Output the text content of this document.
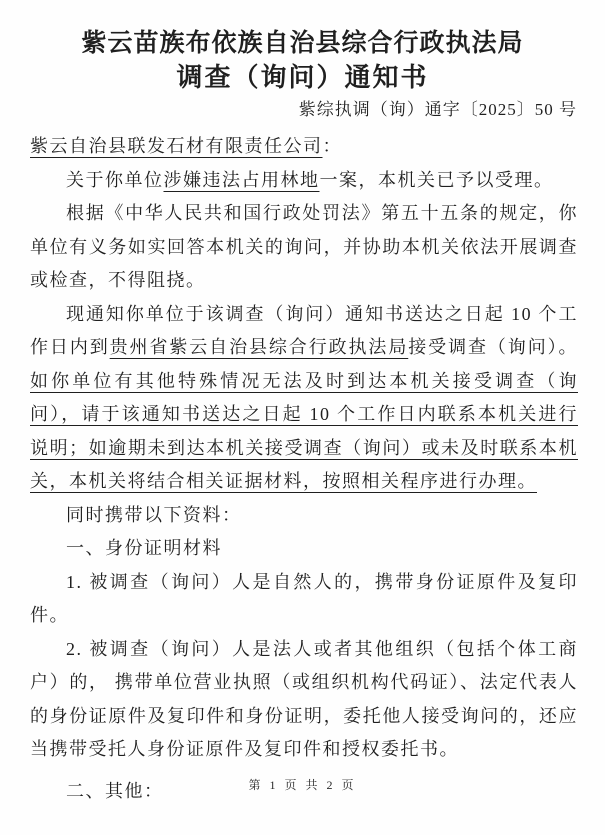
紫云苗族布依族自治县综合行政执法局
调查（询问）通知书
紫综执调（询）通字〔2025〕50 号

紫云自治县联发石材有限责任公司：

关于你单位涉嫌违法占用林地一案，本机关已予以受理。

根据《中华人民共和国行政处罚法》第五十五条的规定，你单位有义务如实回答本机关的询问，并协助本机关依法开展调查或检查，不得阻挠。

现通知你单位于该调查（询问）通知书送达之日起 10 个工作日内到贵州省紫云自治县综合行政执法局接受调查（询问）。如你单位有其他特殊情况无法及时到达本机关接受调查（询问），请于该通知书送达之日起 10 个工作日内联系本机关进行说明；如逾期未到达本机关接受调查（询问）或未及时联系本机关，本机关将结合相关证据材料，按照相关程序进行办理。

同时携带以下资料：

一、身份证明材料

1. 被调查（询问）人是自然人的，携带身份证原件及复印件。

2. 被调查（询问）人是法人或者其他组织（包括个体工商户）的， 携带单位营业执照（或组织机构代码证）、法定代表人的身份证原件及复印件和身份证明，委托他人接受询问的，还应当携带受托人身份证原件及复印件和授权委托书。

二、其他：	第 1 页 共 2 页
